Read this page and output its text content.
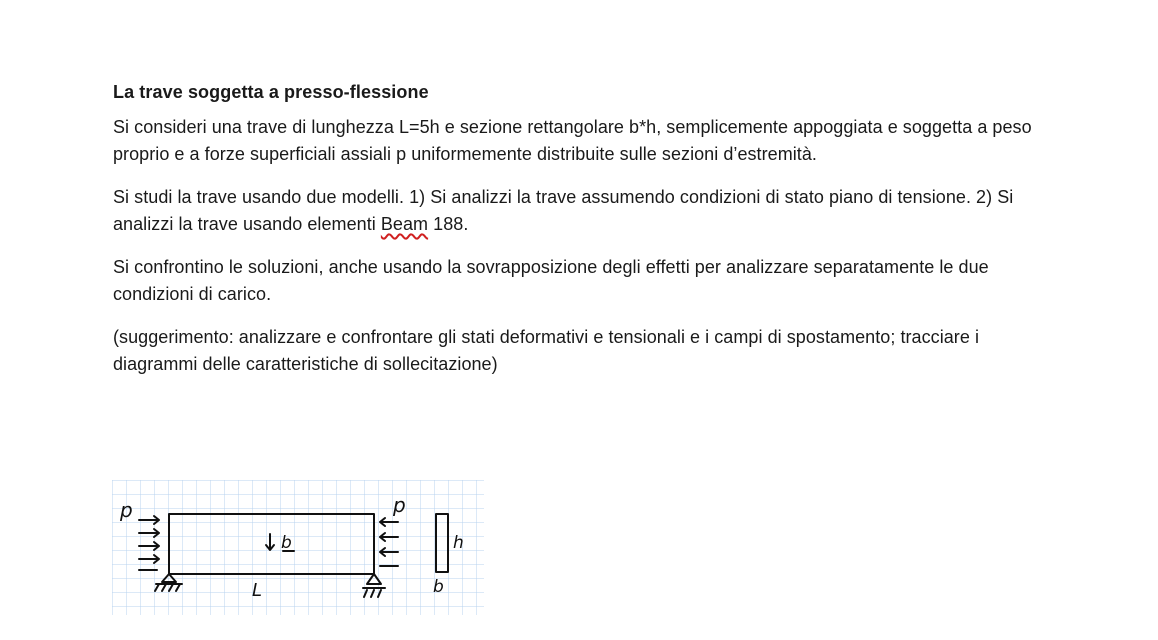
La trave soggetta a presso-flessione

Si consideri una trave di lunghezza L=5h e sezione rettangolare b*h, semplicemente appoggiata e soggetta a peso proprio e a forze superficiali assiali p uniformemente distribuite sulle sezioni d’estremità.

Si studi la trave usando due modelli. 1) Si analizzi la trave assumendo condizioni di stato piano di tensione. 2) Si analizzi la trave usando elementi Beam 188.

Si confrontino le soluzioni, anche usando la sovrapposizione degli effetti per analizzare separatamente le due condizioni di carico.

(suggerimento: analizzare e confrontare gli stati deformativi e tensionali e i campi di spostamento; tracciare i diagrammi delle caratteristiche di sollecitazione)

p	p
b
L
h
b
